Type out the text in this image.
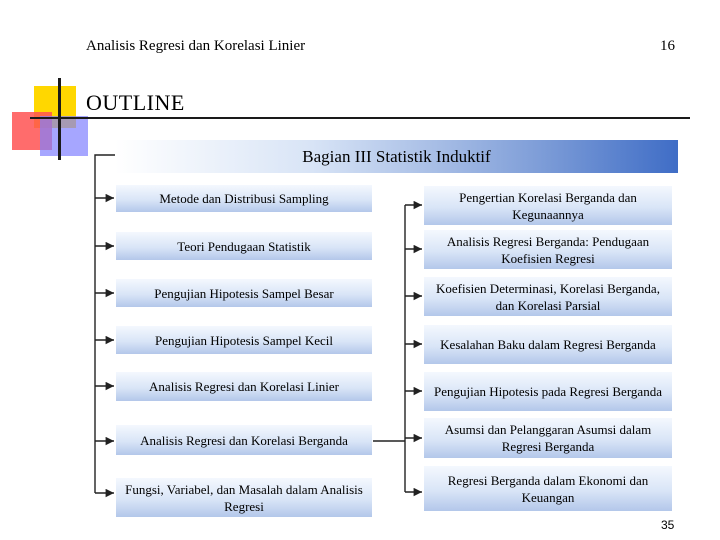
Analisis Regresi dan Korelasi Linier	16
OUTLINE
Bagian III Statistik Induktif
Metode dan Distribusi Sampling
Teori Pendugaan Statistik
Pengujian Hipotesis Sampel Besar
Pengujian Hipotesis Sampel Kecil
Analisis Regresi dan Korelasi Linier
Analisis Regresi dan Korelasi Berganda
Fungsi, Variabel, dan Masalah dalam Analisis Regresi
Pengertian Korelasi Berganda dan Kegunaannya
Analisis Regresi Berganda: Pendugaan Koefisien Regresi
Koefisien Determinasi, Korelasi Berganda, dan Korelasi Parsial
Kesalahan Baku dalam Regresi Berganda
Pengujian Hipotesis pada Regresi Berganda
Asumsi dan Pelanggaran Asumsi dalam Regresi Berganda
Regresi Berganda dalam Ekonomi dan Keuangan
35
